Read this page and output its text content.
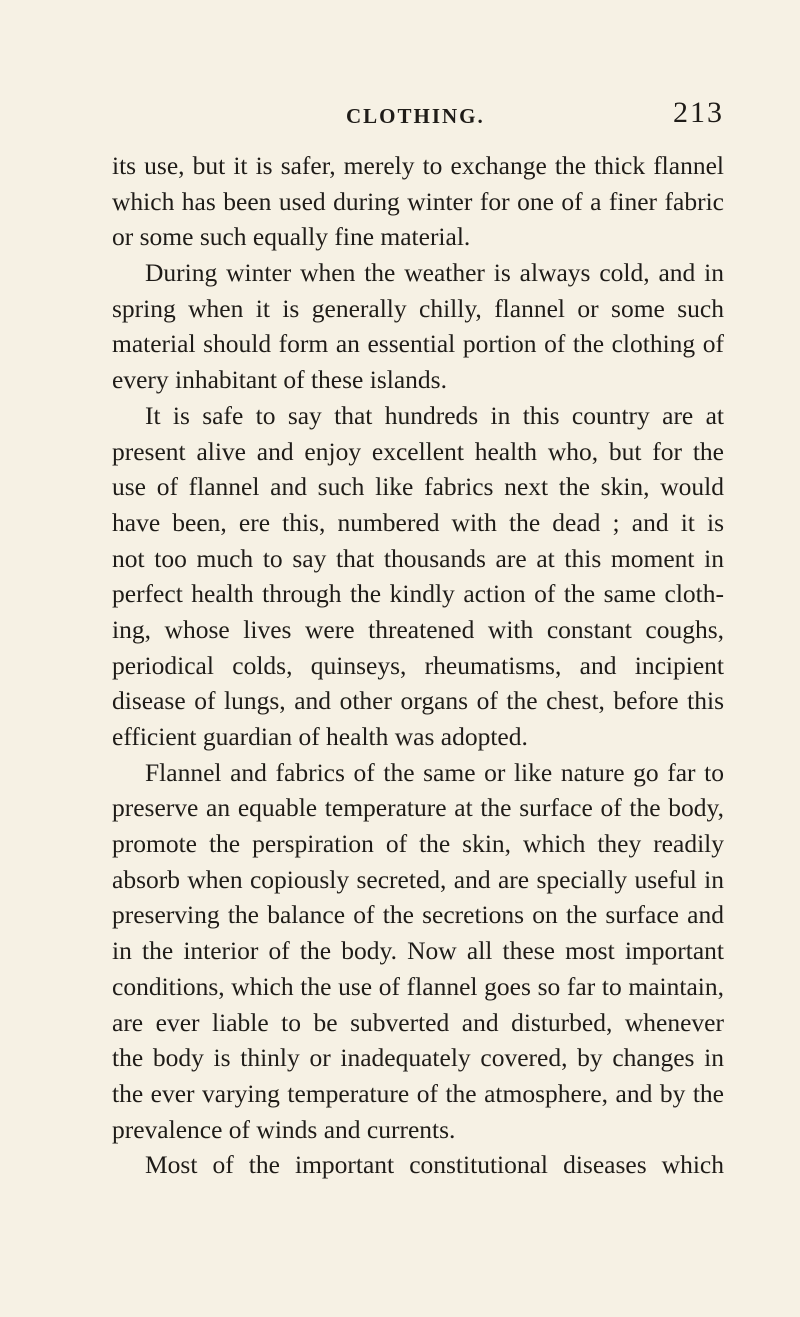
CLOTHING.	213
its use, but it is safer, merely to exchange the thick flannel
which has been used during winter for one of a finer fabric
or some such equally fine material.
During winter when the weather is always cold, and in
spring when it is generally chilly, flannel or some such
material should form an essential portion of the clothing of
every inhabitant of these islands.
It is safe to say that hundreds in this country are at
present alive and enjoy excellent health who, but for the
use of flannel and such like fabrics next the skin, would
have been, ere this, numbered with the dead ; and it is
not too much to say that thousands are at this moment in
perfect health through the kindly action of the same cloth-
ing, whose lives were threatened with constant coughs,
periodical colds, quinseys, rheumatisms, and incipient
disease of lungs, and other organs of the chest, before this
efficient guardian of health was adopted.
Flannel and fabrics of the same or like nature go far to
preserve an equable temperature at the surface of the body,
promote the perspiration of the skin, which they readily
absorb when copiously secreted, and are specially useful in
preserving the balance of the secretions on the surface and
in the interior of the body. Now all these most important
conditions, which the use of flannel goes so far to maintain,
are ever liable to be subverted and disturbed, whenever
the body is thinly or inadequately covered, by changes in
the ever varying temperature of the atmosphere, and by the
prevalence of winds and currents.
Most of the important constitutional diseases which
